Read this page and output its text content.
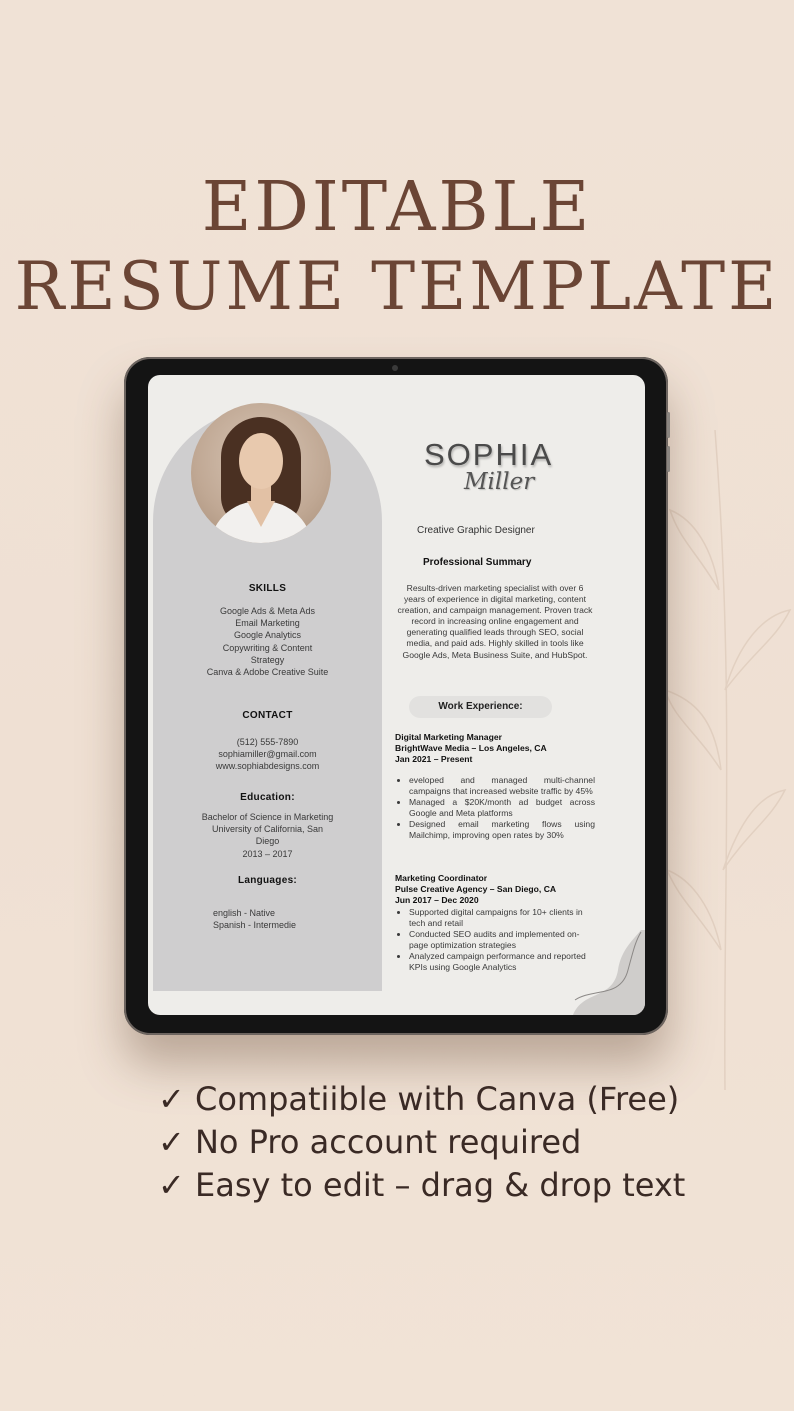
EDITABLE
RESUME TEMPLATE
SKILLS
Google Ads & Meta Ads
Email Marketing
Google Analytics
Copywriting & Content
Strategy
Canva & Adobe Creative Suite
CONTACT
(512) 555-7890
sophiamiller@gmail.com
www.sophiabdesigns.com
Education:
Bachelor of Science in Marketing
University of California, San
Diego
2013 – 2017
Languages:
english - Native
Spanish - Intermedie
SOPHIA
Miller
Creative Graphic Designer
Professional Summary
Results-driven marketing specialist with over 6 years of experience in digital marketing, content creation, and campaign management. Proven track record in increasing online engagement and generating qualified leads through SEO, social media, and paid ads. Highly skilled in tools like Google Ads, Meta Business Suite, and HubSpot.
Work Experience:
Digital Marketing Manager
BrightWave Media – Los Angeles, CA
Jan 2021 – Present
• eveloped and managed multi-channel campaigns that increased website traffic by 45%
• Managed a $20K/month ad budget across Google and Meta platforms
• Designed email marketing flows using Mailchimp, improving open rates by 30%
Marketing Coordinator
Pulse Creative Agency – San Diego, CA
Jun 2017 – Dec 2020
• Supported digital campaigns for 10+ clients in tech and retail
• Conducted SEO audits and implemented on-page optimization strategies
• Analyzed campaign performance and reported KPIs using Google Analytics
✓ Compatiible with Canva (Free)
✓ No Pro account required
✓ Easy to edit – drag & drop text
